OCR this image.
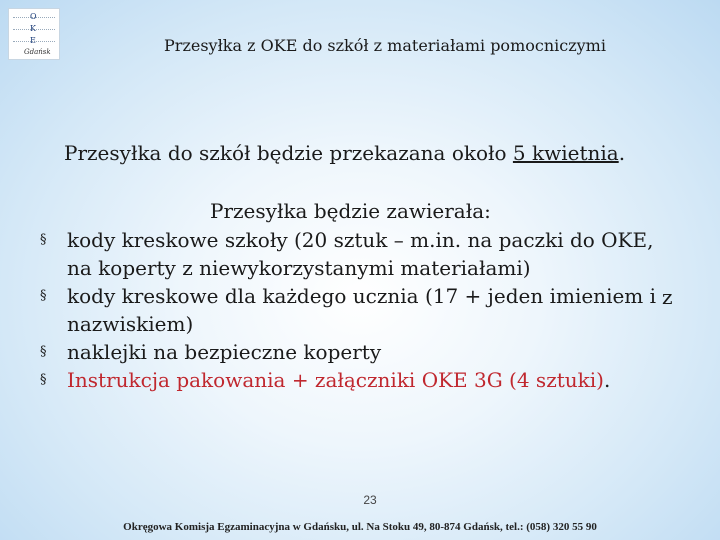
O
K
E
Gdańsk	Przesyłka z OKE do szkół z materiałami pomocniczymi
Przesyłka do szkół będzie przekazana około 5 kwietnia.
Przesyłka będzie zawierała:
§ kody kreskowe szkoły (20 sztuk – m.in. na paczki do OKE, na koperty z niewykorzystanymi materiałami)
§ kody kreskowe dla każdego ucznia (17 + jeden imieniem i nazwiskiem)
§ naklejki na bezpieczne koperty
§ Instrukcja pakowania + załączniki OKE 3G (4 sztuki).
z
23
Okręgowa Komisja Egzaminacyjna w Gdańsku, ul. Na Stoku 49, 80-874 Gdańsk, tel.: (058) 320 55 90
